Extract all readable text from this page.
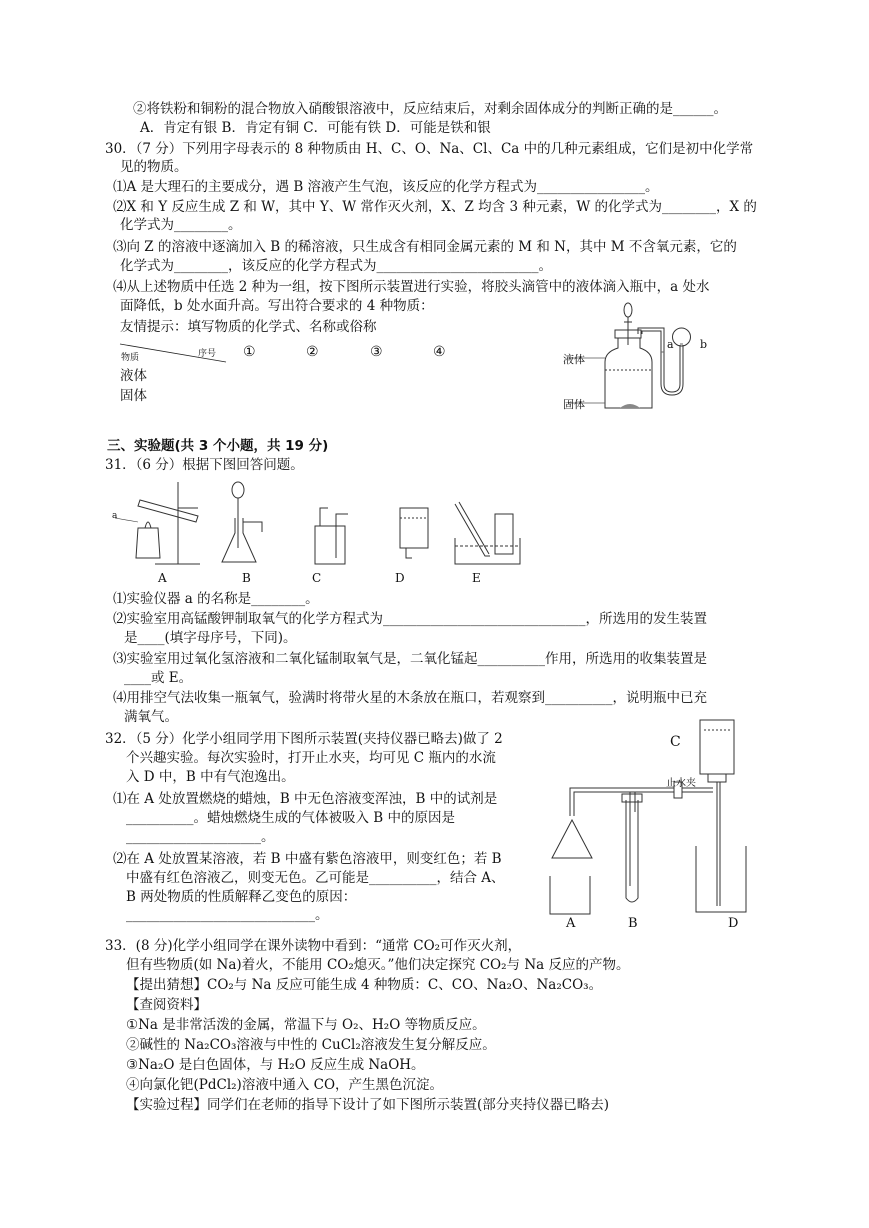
②将铁粉和铜粉的混合物放入硝酸银溶液中，反应结束后，对剩余固体成分的判断正确的是______。
A．肯定有银 B．肯定有铜 C．可能有铁 D．可能是铁和银
30．（7 分）下列用字母表示的 8 种物质由 H、C、O、Na、Cl、Ca 中的几种元素组成，它们是初中化学常
见的物质。
⑴A 是大理石的主要成分，遇 B 溶液产生气泡，该反应的化学方程式为________________。
⑵X 和 Y 反应生成 Z 和 W，其中 Y、W 常作灭火剂，X、Z 均含 3 种元素，W 的化学式为________，X 的
化学式为________。
⑶向 Z 的溶液中逐滴加入 B 的稀溶液，只生成含有相同金属元素的 M 和 N，其中 M 不含氧元素，它的
化学式为________，该反应的化学方程式为________________________。
⑷从上述物质中任选 2 种为一组，按下图所示装置进行实验，将胶头滴管中的液体滴入瓶中，a 处水
面降低，b 处水面升高。写出符合要求的 4 种物质：
友情提示：填写物质的化学式、名称或俗称
序号
物质	①	②	③	④
液体
固体
液体
固体
a b
三、实验题(共 3 个小题，共 19 分)
31．（6 分）根据下图回答问题。
a
A	B	C	D	E
⑴实验仪器 a 的名称是________。
⑵实验室用高锰酸钾制取氧气的化学方程式为______________________________，所选用的发生装置
是____(填字母序号，下同)。
⑶实验室用过氧化氢溶液和二氧化锰制取氧气是，二氧化锰起__________作用，所选用的收集装置是
____或 E。
⑷用排空气法收集一瓶氧气，验满时将带火星的木条放在瓶口，若观察到__________，说明瓶中已充
满氧气。
32．（5 分）化学小组同学用下图所示装置(夹持仪器已略去)做了 2
个兴趣实验。每次实验时，打开止水夹，均可见 C 瓶内的水流
入 D 中，B 中有气泡逸出。
⑴在 A 处放置燃烧的蜡烛，B 中无色溶液变浑浊，B 中的试剂是
__________。蜡烛燃烧生成的气体被吸入 B 中的原因是
____________________。
⑵在 A 处放置某溶液，若 B 中盛有紫色溶液甲，则变红色；若 B
中盛有红色溶液乙，则变无色。乙可能是__________，结合 A、
B 两处物质的性质解释乙变色的原因：
____________________________。
C
止水夹
A	B	D
33．(8 分)化学小组同学在课外读物中看到：“通常 CO₂可作灭火剂，
但有些物质(如 Na)着火，不能用 CO₂熄灭。”他们决定探究 CO₂与 Na 反应的产物。
【提出猜想】CO₂与 Na 反应可能生成 4 种物质：C、CO、Na₂O、Na₂CO₃。
【查阅资料】
①Na 是非常活泼的金属，常温下与 O₂、H₂O 等物质反应。
②碱性的 Na₂CO₃溶液与中性的 CuCl₂溶液发生复分解反应。
③Na₂O 是白色固体，与 H₂O 反应生成 NaOH。
④向氯化钯(PdCl₂)溶液中通入 CO，产生黑色沉淀。
【实验过程】同学们在老师的指导下设计了如下图所示装置(部分夹持仪器已略去)
